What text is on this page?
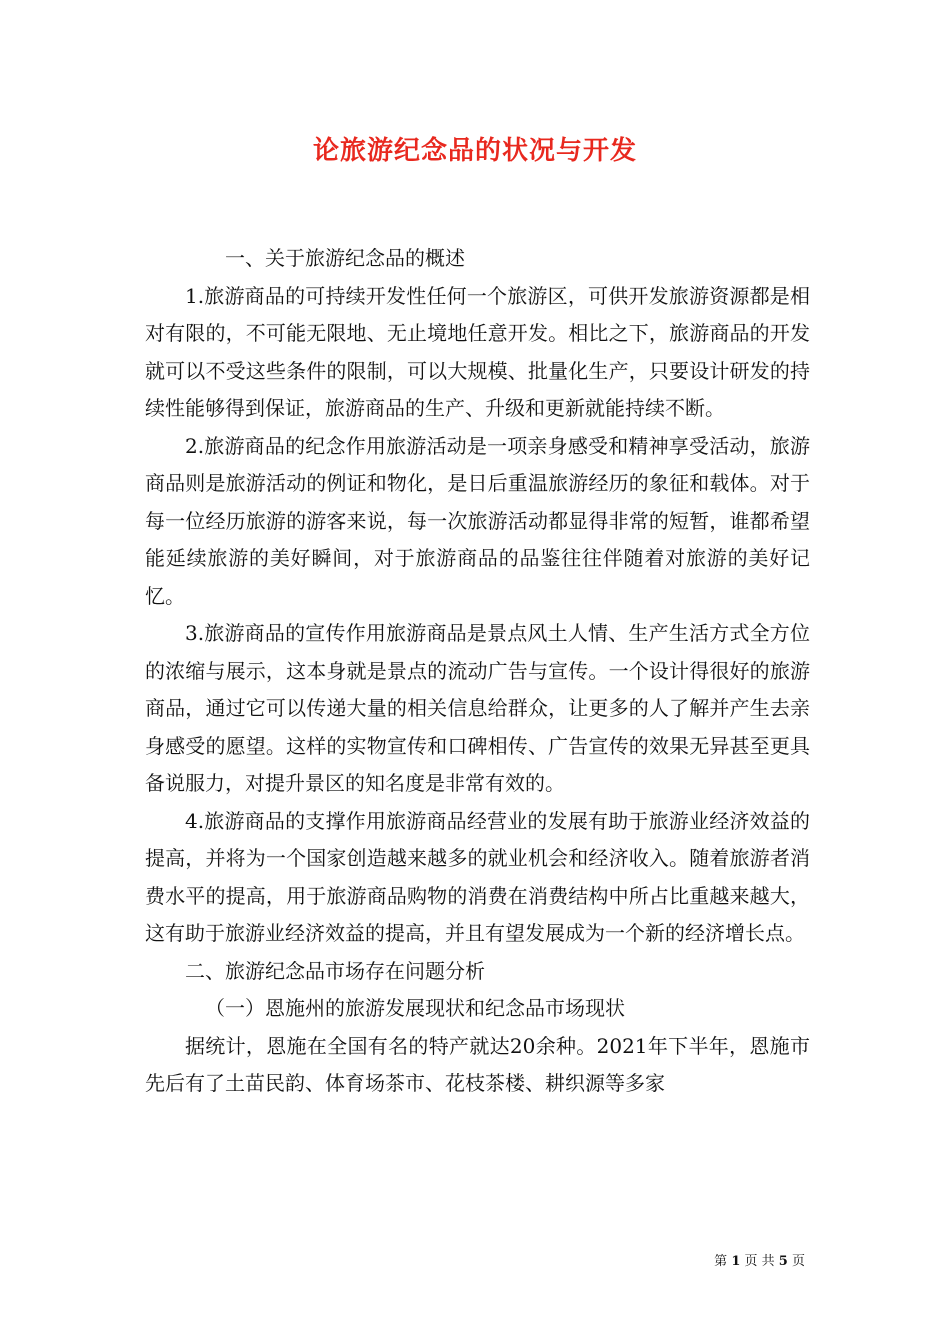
论旅游纪念品的状况与开发

一、关于旅游纪念品的概述

1.旅游商品的可持续开发性任何一个旅游区，可供开发旅游资源都是相对有限的，不可能无限地、无止境地任意开发。相比之下，旅游商品的开发就可以不受这些条件的限制，可以大规模、批量化生产，只要设计研发的持续性能够得到保证，旅游商品的生产、升级和更新就能持续不断。

2.旅游商品的纪念作用旅游活动是一项亲身感受和精神享受活动，旅游商品则是旅游活动的例证和物化，是日后重温旅游经历的象征和载体。对于每一位经历旅游的游客来说，每一次旅游活动都显得非常的短暂，谁都希望能延续旅游的美好瞬间，对于旅游商品的品鉴往往伴随着对旅游的美好记忆。

3.旅游商品的宣传作用旅游商品是景点风土人情、生产生活方式全方位的浓缩与展示，这本身就是景点的流动广告与宣传。一个设计得很好的旅游商品，通过它可以传递大量的相关信息给群众，让更多的人了解并产生去亲身感受的愿望。这样的实物宣传和口碑相传、广告宣传的效果无异甚至更具备说服力，对提升景区的知名度是非常有效的。

4.旅游商品的支撑作用旅游商品经营业的发展有助于旅游业经济效益的提高，并将为一个国家创造越来越多的就业机会和经济收入。随着旅游者消费水平的提高，用于旅游商品购物的消费在消费结构中所占比重越来越大，这有助于旅游业经济效益的提高，并且有望发展成为一个新的经济增长点。

二、旅游纪念品市场存在问题分析

（一）恩施州的旅游发展现状和纪念品市场现状

据统计，恩施在全国有名的特产就达20余种。2021年下半年，恩施市先后有了土苗民韵、体育场茶市、花枝茶楼、耕织源等多家

第 1 页 共 5 页
